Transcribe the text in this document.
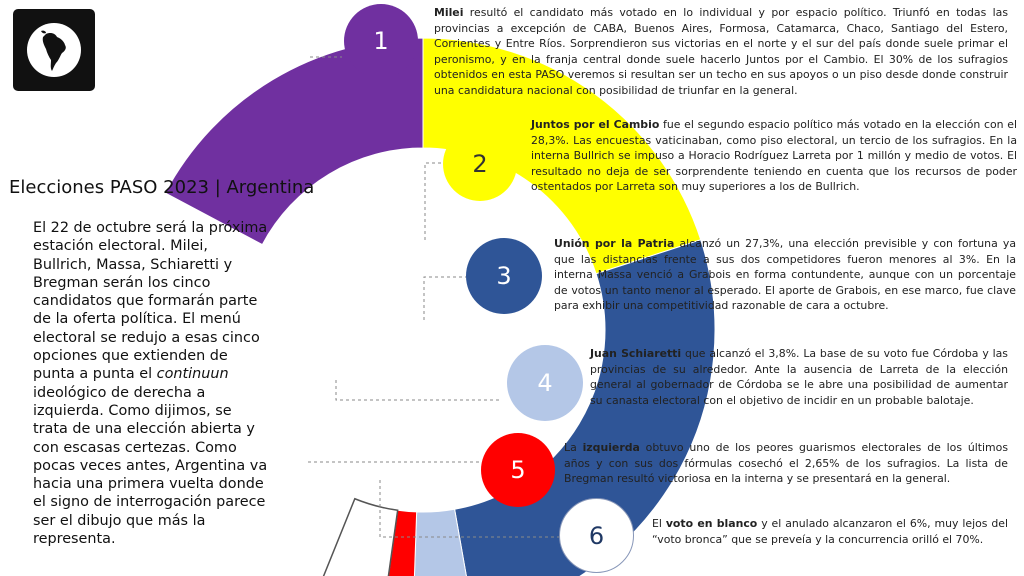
Elecciones PASO 2023 | Argentina
El 22 de octubre será la próxima estación electoral. Milei, Bullrich, Massa, Schiaretti y Bregman serán los cinco candidatos que formarán parte de la oferta política. El menú electoral se redujo a esas cinco opciones que extienden de punta a punta el continuun ideológico de derecha a izquierda. Como dijimos, se trata de una elección abierta y con escasas certezas. Como pocas veces antes, Argentina va hacia una primera vuelta donde el signo de interrogación parece ser el dibujo que más la representa.
1
Milei resultó el candidato más votado en lo individual y por espacio político. Triunfó en todas las provincias a excepción de CABA, Buenos Aires, Formosa, Catamarca, Chaco, Santiago del Estero, Corrientes y Entre Ríos. Sorprendieron sus victorias en el norte y el sur del país donde suele primar el peronismo, y en la franja central donde suele hacerlo Juntos por el Cambio. El 30% de los sufragios obtenidos en esta PASO veremos si resultan ser un techo en sus apoyos o un piso desde donde construir una candidatura nacional con posibilidad de triunfar en la general.
2
Juntos por el Cambio fue el segundo espacio político más votado en la elección con el 28,3%. Las encuestas vaticinaban, como piso electoral, un tercio de los sufragios. En la interna Bullrich se impuso a Horacio Rodríguez Larreta por 1 millón y medio de votos. El resultado no deja de ser sorprendente teniendo en cuenta que los recursos de poder ostentados por Larreta son muy superiores a los de Bullrich.
3
Unión por la Patria alcanzó un 27,3%, una elección previsible y con fortuna ya que las distancias frente a sus dos competidores fueron menores al 3%. En la interna Massa venció a Grabois en forma contundente, aunque con un porcentaje de votos un tanto menor al esperado. El aporte de Grabois, en ese marco, fue clave para exhibir una competitividad razonable de cara a octubre.
4
Juan Schiaretti que alcanzó el 3,8%. La base de su voto fue Córdoba y las provincias de su alrededor. Ante la ausencia de Larreta de la elección general al gobernador de Córdoba se le abre una posibilidad de aumentar su canasta electoral con el objetivo de incidir en un probable balotaje.
5
La izquierda obtuvo uno de los peores guarismos electorales de los últimos años y con sus dos fórmulas cosechó el 2,65% de los sufragios. La lista de Bregman resultó victoriosa en la interna y se presentará en la general.
6	El voto en blanco y el anulado alcanzaron el 6%, muy lejos del “voto bronca” que se preveía y la concurrencia orilló el 70%.
